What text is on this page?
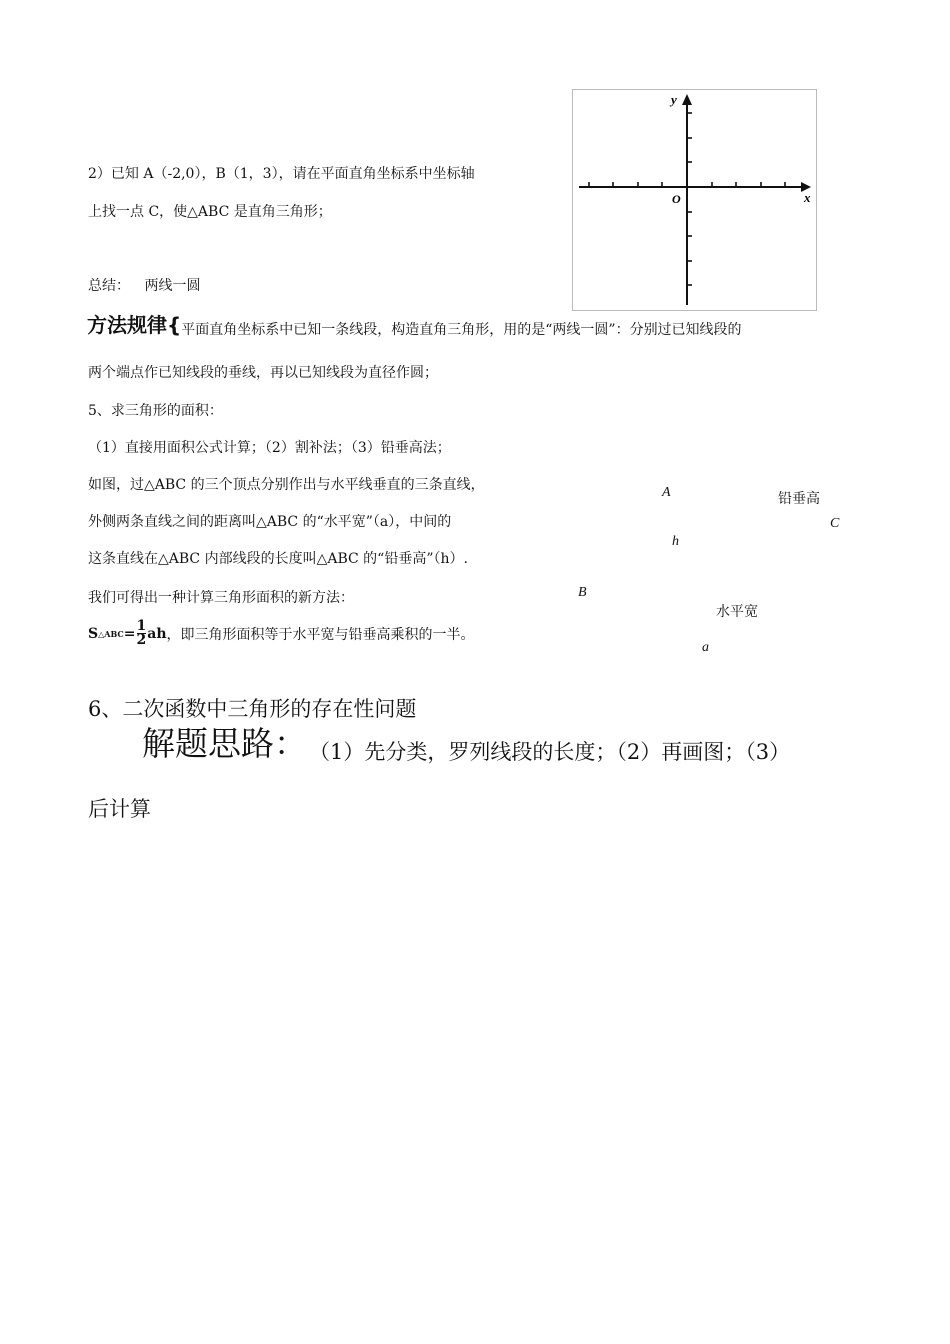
2）已知 A（-2,0），B（1，3），请在平面直角坐标系中坐标轴
上找一点 C，使△ABC 是直角三角形；
y
x
O
总结： 两线一圆
方法规律{平面直角坐标系中已知一条线段，构造直角三角形，用的是“两线一圆”：分别过已知线段的
两个端点作已知线段的垂线，再以已知线段为直径作圆；
5、求三角形的面积：
（1）直接用面积公式计算；（2）割补法；（3）铅垂高法；
如图，过△ABC 的三个顶点分别作出与水平线垂直的三条直线，
外侧两条直线之间的距离叫△ABC 的“水平宽”（a），中间的
这条直线在△ABC 内部线段的长度叫△ABC 的“铅垂高”（h）.
我们可得出一种计算三角形面积的新方法：
S △ABC = $\frac{1}{2}$ ah ，即三角形面积等于水平宽与铅垂高乘积的一半。
A	铅垂高
C
h
B
水平宽
a
6、二次函数中三角形的存在性问题
解题思路： （1）先分类，罗列线段的长度；（2）再画图；（3）
后计算
